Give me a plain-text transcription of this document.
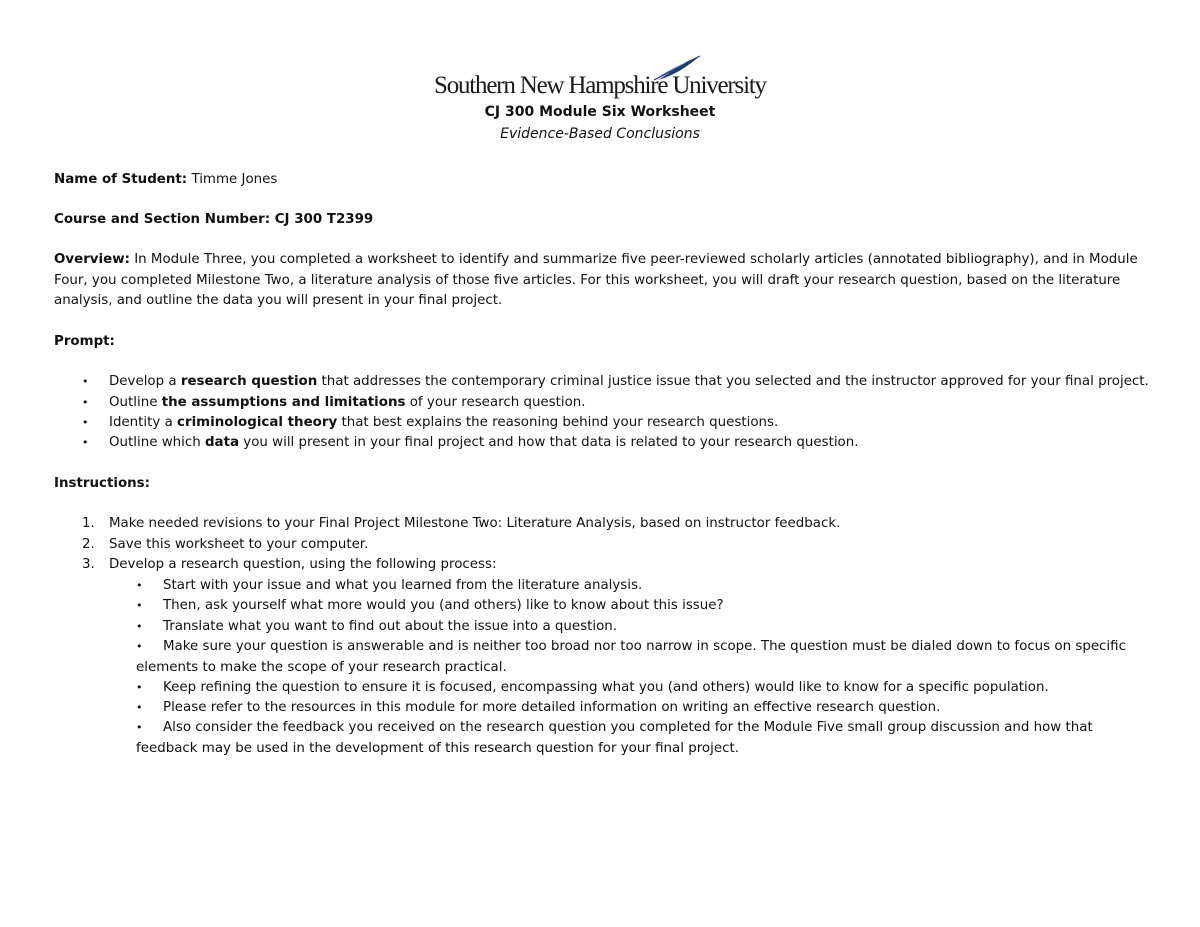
Southern New Hampshire University
CJ 300 Module Six Worksheet
Evidence-Based Conclusions
Name of Student: Timme Jones
Course and Section Number: CJ 300 T2399
Overview: In Module Three, you completed a worksheet to identify and summarize five peer-reviewed scholarly articles (annotated bibliography), and in Module Four, you completed Milestone Two, a literature analysis of those five articles. For this worksheet, you will draft your research question, based on the literature analysis, and outline the data you will present in your final project.
Prompt:
• Develop a research question that addresses the contemporary criminal justice issue that you selected and the instructor approved for your final project.
• Outline the assumptions and limitations of your research question.
• Identity a criminological theory that best explains the reasoning behind your research questions.
• Outline which data you will present in your final project and how that data is related to your research question.
Instructions:
1. Make needed revisions to your Final Project Milestone Two: Literature Analysis, based on instructor feedback.
2. Save this worksheet to your computer.
3. Develop a research question, using the following process:
• Start with your issue and what you learned from the literature analysis.
• Then, ask yourself what more would you (and others) like to know about this issue?
• Translate what you want to find out about the issue into a question.
• Make sure your question is answerable and is neither too broad nor too narrow in scope. The question must be dialed down to focus on specific elements to make the scope of your research practical.
• Keep refining the question to ensure it is focused, encompassing what you (and others) would like to know for a specific population.
• Please refer to the resources in this module for more detailed information on writing an effective research question.
• Also consider the feedback you received on the research question you completed for the Module Five small group discussion and how that feedback may be used in the development of this research question for your final project.
